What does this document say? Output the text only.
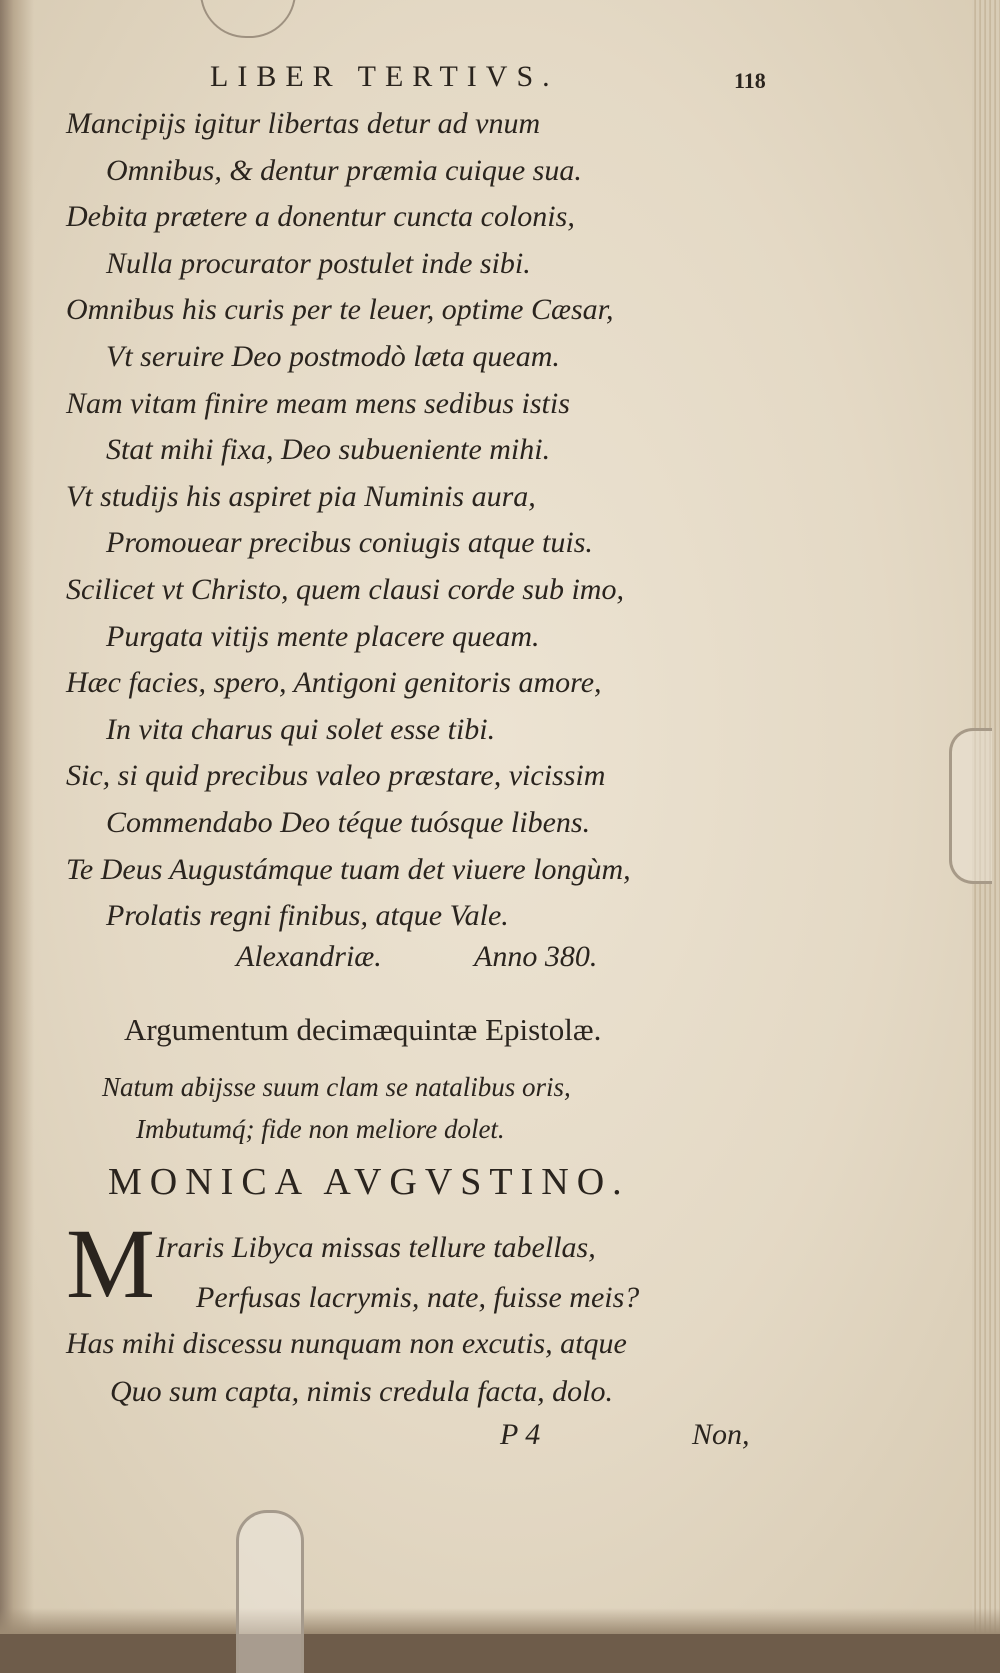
LIBER TERTIVS.	118
Mancipijs igitur libertas detur ad vnum
Omnibus, & dentur præmia cuique sua.
Debita prætere a donentur cuncta colonis,
Nulla procurator postulet inde sibi.
Omnibus his curis per te leuer, optime Cæsar,
Vt seruire Deo postmodò læta queam.
Nam vitam finire meam mens sedibus istis
Stat mihi fixa, Deo subueniente mihi.
Vt studijs his aspiret pia Numinis aura,
Promouear precibus coniugis atque tuis.
Scilicet vt Christo, quem clausi corde sub imo,
Purgata vitijs mente placere queam.
Hæc facies, spero, Antigoni genitoris amore,
In vita charus qui solet esse tibi.
Sic, si quid precibus valeo præstare, vicissim
Commendabo Deo téque tuósque libens.
Te Deus Augustámque tuam det viuere longùm,
Prolatis regni finibus, atque Vale.
Alexandriæ.	Anno 380.
Argumentum decimæquintæ Epistolæ.
Natum abijsse suum clam se natalibus oris,
Imbutumq́; fide non meliore dolet.
MONICA AVGVSTINO.
M Iraris Libyca missas tellure tabellas,
Perfusas lacrymis, nate, fuisse meis?
Has mihi discessu nunquam non excutis, atque
Quo sum capta, nimis credula facta, dolo.
P 4	Non,
